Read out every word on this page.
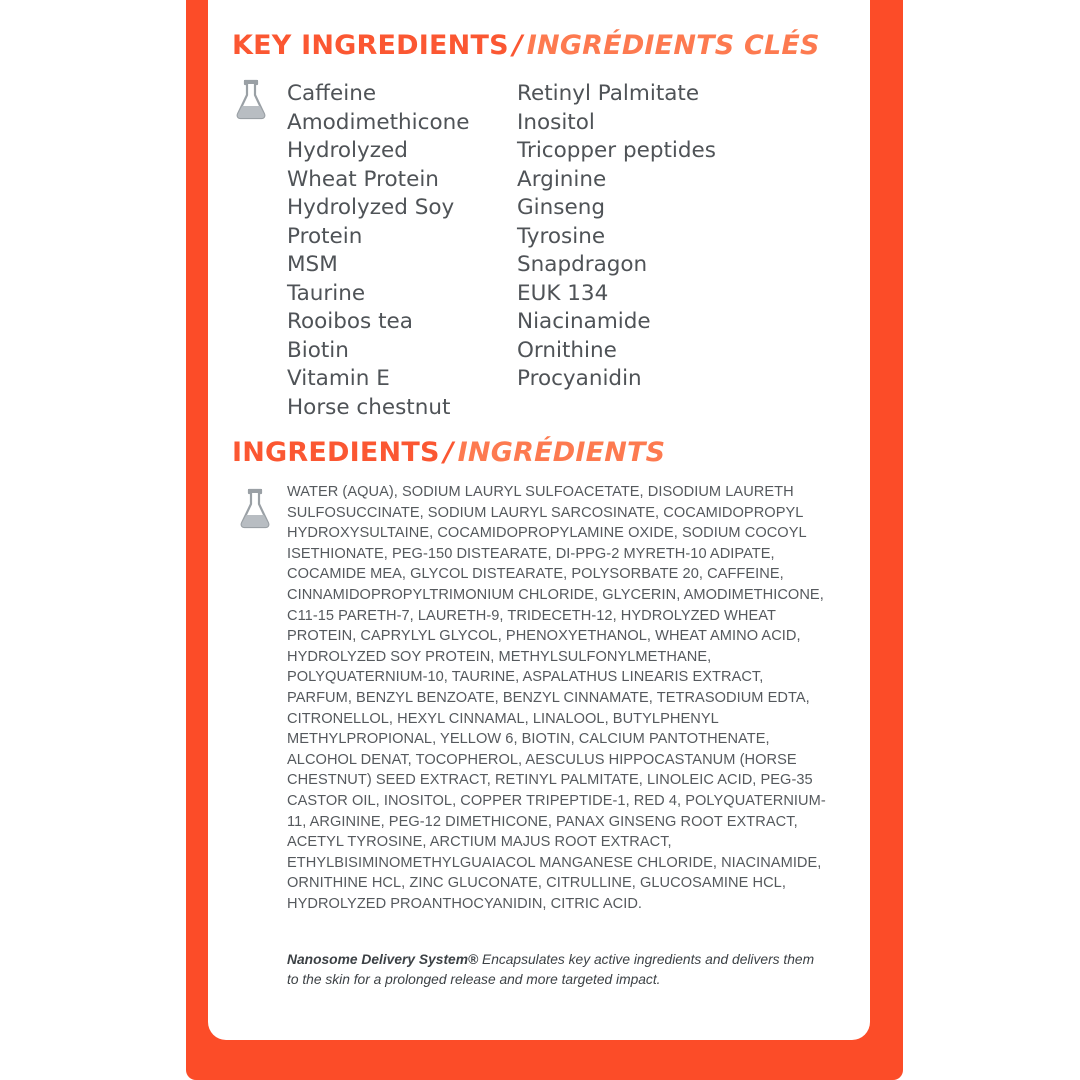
KEY INGREDIENTS / INGRÉDIENTS CLÉS
Caffeine
Amodimethicone
Hydrolyzed
Wheat Protein
Hydrolyzed Soy
Protein
MSM
Taurine
Rooibos tea
Biotin
Vitamin E
Horse chestnut
Retinyl Palmitate
Inositol
Tricopper peptides
Arginine
Ginseng
Tyrosine
Snapdragon
EUK 134
Niacinamide
Ornithine
Procyanidin
INGREDIENTS / INGRÉDIENTS
WATER (AQUA), SODIUM LAURYL SULFOACETATE, DISODIUM LAURETH SULFOSUCCINATE, SODIUM LAURYL SARCOSINATE, COCAMIDOPROPYL HYDROXYSULTAINE, COCAMIDOPROPYLAMINE OXIDE, SODIUM COCOYL ISETHIONATE, PEG-150 DISTEARATE, DI-PPG-2 MYRETH-10 ADIPATE, COCAMIDE MEA, GLYCOL DISTEARATE, POLYSORBATE 20, CAFFEINE, CINNAMIDOPROPYLTRIMONIUM CHLORIDE, GLYCERIN, AMODIMETHICONE, C11-15 PARETH-7, LAURETH-9, TRIDECETH-12, HYDROLYZED WHEAT PROTEIN, CAPRYLYL GLYCOL, PHENOXYETHANOL, WHEAT AMINO ACID, HYDROLYZED SOY PROTEIN, METHYLSULFONYLMETHANE, POLYQUATERNIUM-10, TAURINE, ASPALATHUS LINEARIS EXTRACT, PARFUM, BENZYL BENZOATE, BENZYL CINNAMATE, TETRASODIUM EDTA, CITRONELLOL, HEXYL CINNAMAL, LINALOOL, BUTYLPHENYL METHYLPROPIONAL, YELLOW 6, BIOTIN, CALCIUM PANTOTHENATE, ALCOHOL DENAT, TOCOPHEROL, AESCULUS HIPPOCASTANUM (HORSE CHESTNUT) SEED EXTRACT, RETINYL PALMITATE, LINOLEIC ACID, PEG-35 CASTOR OIL, INOSITOL, COPPER TRIPEPTIDE-1, RED 4, POLYQUATERNIUM-11, ARGININE, PEG-12 DIMETHICONE, PANAX GINSENG ROOT EXTRACT, ACETYL TYROSINE, ARCTIUM MAJUS ROOT EXTRACT, ETHYLBISIMINOMETHYLGUAIACOL MANGANESE CHLORIDE, NIACINAMIDE, ORNITHINE HCL, ZINC GLUCONATE, CITRULLINE, GLUCOSAMINE HCL, HYDROLYZED PROANTHOCYANIDIN, CITRIC ACID.
Nanosome Delivery System® Encapsulates key active ingredients and delivers them to the skin for a prolonged release and more targeted impact.
